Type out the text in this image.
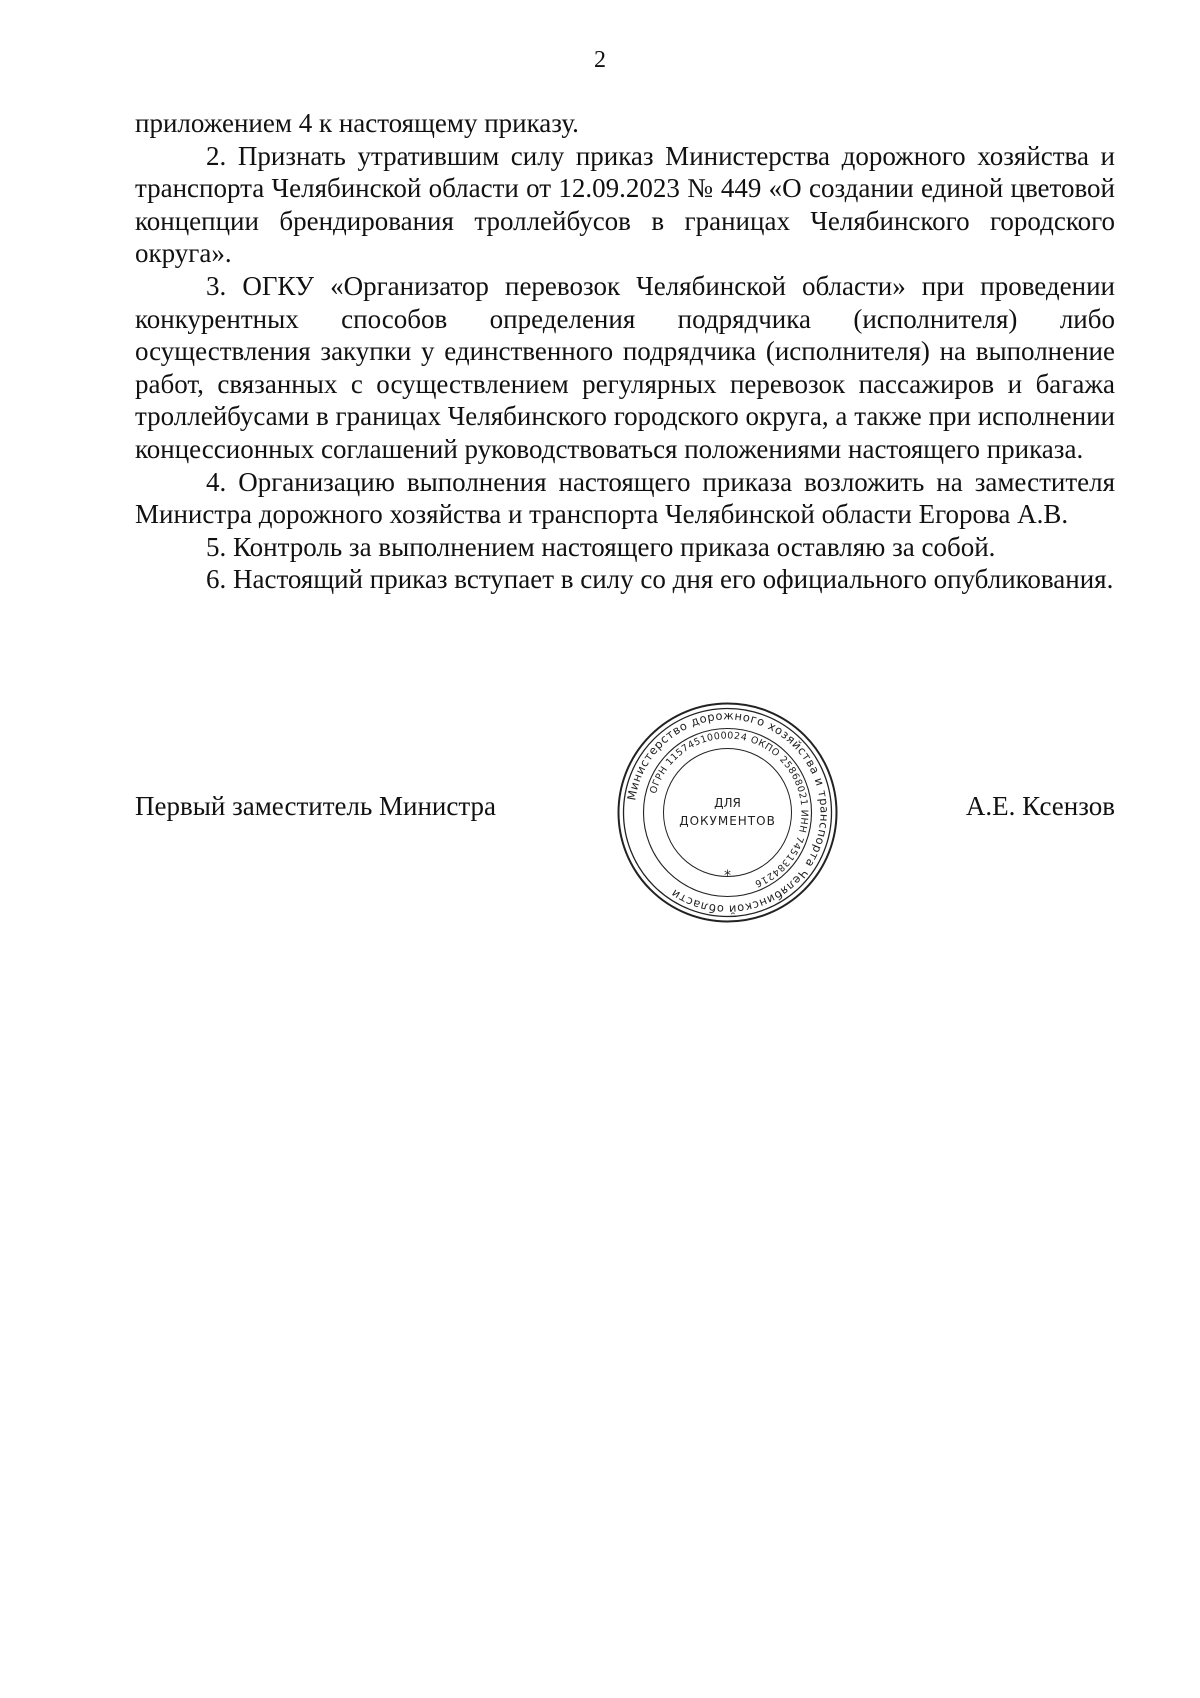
2

приложением 4 к настоящему приказу.

2. Признать утратившим силу приказ Министерства дорожного хозяйства и транспорта Челябинской области от 12.09.2023 № 449 «О создании единой цветовой концепции брендирования троллейбусов в границах Челябинского городского округа».

3. ОГКУ «Организатор перевозок Челябинской области» при проведении конкурентных способов определения подрядчика (исполнителя) либо осуществления закупки у единственного подрядчика (исполнителя) на выполнение работ, связанных с осуществлением регулярных перевозок пассажиров и багажа троллейбусами в границах Челябинского городского округа, а также при исполнении концессионных соглашений руководствоваться положениями настоящего приказа.

4. Организацию выполнения настоящего приказа возложить на заместителя Министра дорожного хозяйства и транспорта Челябинской области Егорова А.В.

5. Контроль за выполнением настоящего приказа оставляю за собой.

6. Настоящий приказ вступает в силу со дня его официального опубликования.

Первый заместитель Министра	А.Е. Ксензов
Министерство дорожного хозяйства и транспорта Челябинской области
ОГРН 1157451000024 ОКПО 25868021 ИНН 7451384216
ДЛЯ
ДОКУМЕНТОВ
*
